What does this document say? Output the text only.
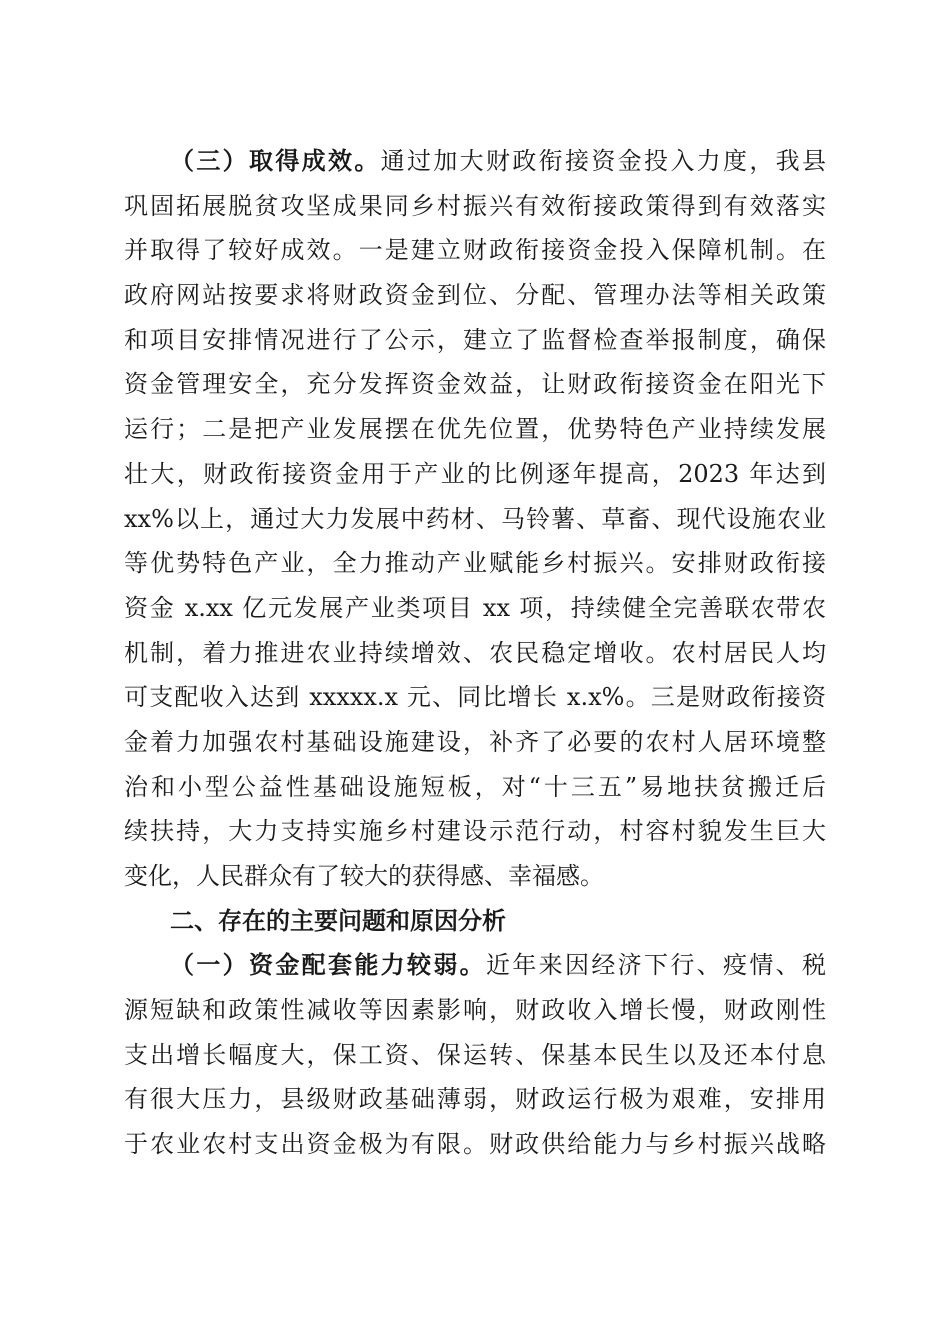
（三）取得成效。通过加大财政衔接资金投入力度，我县
巩固拓展脱贫攻坚成果同乡村振兴有效衔接政策得到有效落实
并取得了较好成效。一是建立财政衔接资金投入保障机制。在
政府网站按要求将财政资金到位、分配、管理办法等相关政策
和项目安排情况进行了公示，建立了监督检查举报制度，确保
资金管理安全，充分发挥资金效益，让财政衔接资金在阳光下
运行；二是把产业发展摆在优先位置，优势特色产业持续发展
壮大，财政衔接资金用于产业的比例逐年提高，2023 年达到
xx%以上，通过大力发展中药材、马铃薯、草畜、现代设施农业
等优势特色产业，全力推动产业赋能乡村振兴。安排财政衔接
资金 x.xx 亿元发展产业类项目 xx 项，持续健全完善联农带农
机制，着力推进农业持续增效、农民稳定增收。农村居民人均
可支配收入达到 xxxxx.x 元、同比增长 x.x%。三是财政衔接资
金着力加强农村基础设施建设，补齐了必要的农村人居环境整
治和小型公益性基础设施短板，对“十三五”易地扶贫搬迁后
续扶持，大力支持实施乡村建设示范行动，村容村貌发生巨大
变化，人民群众有了较大的获得感、幸福感。
二、存在的主要问题和原因分析
（一）资金配套能力较弱。近年来因经济下行、疫情、税
源短缺和政策性减收等因素影响，财政收入增长慢，财政刚性
支出增长幅度大，保工资、保运转、保基本民生以及还本付息
有很大压力，县级财政基础薄弱，财政运行极为艰难，安排用
于农业农村支出资金极为有限。财政供给能力与乡村振兴战略
